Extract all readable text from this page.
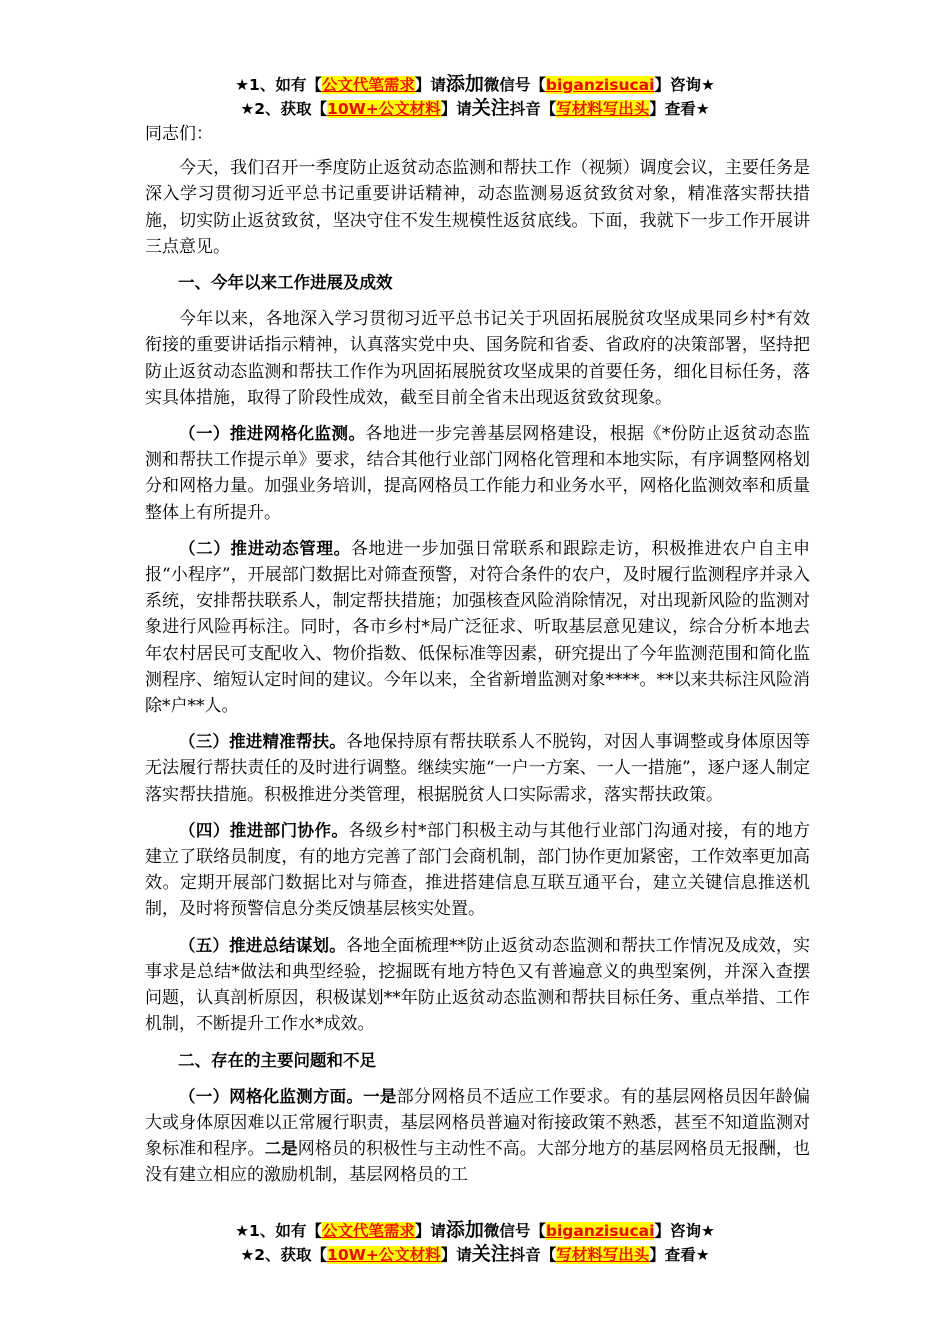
★1、如有【公文代笔需求】请添加微信号【biganzisucai】咨询★
★2、获取【10W+公文材料】请关注抖音【写材料写出头】查看★

同志们：

今天，我们召开一季度防止返贫动态监测和帮扶工作（视频）调度会议，主要任务是深入学习贯彻习近平总书记重要讲话精神，动态监测易返贫致贫对象，精准落实帮扶措施，切实防止返贫致贫，坚决守住不发生规模性返贫底线。下面，我就下一步工作开展讲三点意见。

一、今年以来工作进展及成效

今年以来，各地深入学习贯彻习近平总书记关于巩固拓展脱贫攻坚成果同乡村*有效衔接的重要讲话指示精神，认真落实党中央、国务院和省委、省政府的决策部署，坚持把防止返贫动态监测和帮扶工作作为巩固拓展脱贫攻坚成果的首要任务，细化目标任务，落实具体措施，取得了阶段性成效，截至目前全省未出现返贫致贫现象。

（一）推进网格化监测。各地进一步完善基层网格建设，根据《*份防止返贫动态监测和帮扶工作提示单》要求，结合其他行业部门网格化管理和本地实际，有序调整网格划分和网格力量。加强业务培训，提高网格员工作能力和业务水平，网格化监测效率和质量整体上有所提升。

（二）推进动态管理。各地进一步加强日常联系和跟踪走访，积极推进农户自主申报“小程序”，开展部门数据比对筛查预警，对符合条件的农户，及时履行监测程序并录入系统，安排帮扶联系人，制定帮扶措施；加强核查风险消除情况，对出现新风险的监测对象进行风险再标注。同时，各市乡村*局广泛征求、听取基层意见建议，综合分析本地去年农村居民可支配收入、物价指数、低保标准等因素，研究提出了今年监测范围和简化监测程序、缩短认定时间的建议。今年以来，全省新增监测对象****。**以来共标注风险消除*户**人。

（三）推进精准帮扶。各地保持原有帮扶联系人不脱钩，对因人事调整或身体原因等无法履行帮扶责任的及时进行调整。继续实施“一户一方案、一人一措施”，逐户逐人制定落实帮扶措施。积极推进分类管理，根据脱贫人口实际需求，落实帮扶政策。

（四）推进部门协作。各级乡村*部门积极主动与其他行业部门沟通对接，有的地方建立了联络员制度，有的地方完善了部门会商机制，部门协作更加紧密，工作效率更加高效。定期开展部门数据比对与筛查，推进搭建信息互联互通平台，建立关键信息推送机制，及时将预警信息分类反馈基层核实处置。

（五）推进总结谋划。各地全面梳理**防止返贫动态监测和帮扶工作情况及成效，实事求是总结*做法和典型经验，挖掘既有地方特色又有普遍意义的典型案例，并深入查摆问题，认真剖析原因，积极谋划**年防止返贫动态监测和帮扶目标任务、重点举措、工作机制，不断提升工作水*成效。

二、存在的主要问题和不足

（一）网格化监测方面。一是部分网格员不适应工作要求。有的基层网格员因年龄偏大或身体原因难以正常履行职责，基层网格员普遍对衔接政策不熟悉，甚至不知道监测对象标准和程序。二是网格员的积极性与主动性不高。大部分地方的基层网格员无报酬，也没有建立相应的激励机制，基层网格员的工

★1、如有【公文代笔需求】请添加微信号【biganzisucai】咨询★
★2、获取【10W+公文材料】请关注抖音【写材料写出头】查看★
